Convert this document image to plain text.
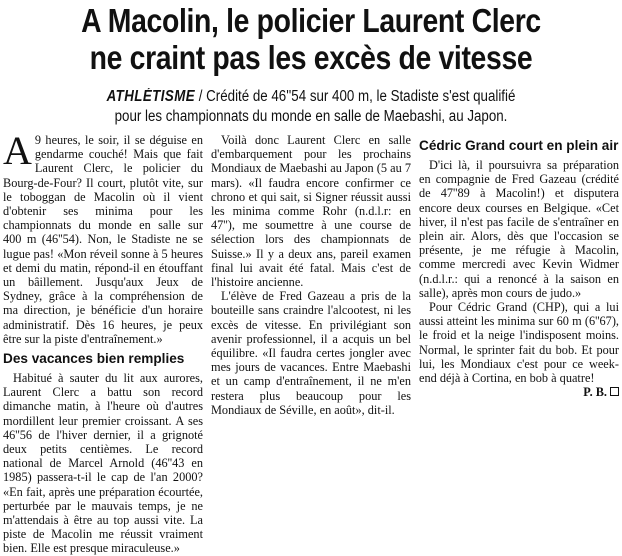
A Macolin, le policier Laurent Clerc
ne craint pas les excès de vitesse
ATHLÉTISME / Crédité de 46''54 sur 400 m, le Stadiste s'est qualifié
pour les championnats du monde en salle de Maebashi, au Japon.

A 9 heures, le soir, il se déguise en gendarme couché! Mais que fait Laurent Clerc, le policier du Bourg-de-Four? Il court, plutôt vite, sur le toboggan de Macolin où il vient d'obtenir ses minima pour les championnats du monde en salle sur 400 m (46''54). Non, le Stadiste ne se lugue pas! «Mon réveil sonne à 5 heures et demi du matin, répond-il en étouffant un bâillement. Jusqu'aux Jeux de Sydney, grâce à la compréhension de ma direction, je bénéficie d'un horaire administratif. Dès 16 heures, je peux être sur la piste d'entraînement.»

Des vacances bien remplies

Habitué à sauter du lit aux aurores, Laurent Clerc a battu son record dimanche matin, à l'heure où d'autres mordillent leur premier croissant. A ses 46''56 de l'hiver dernier, il a grignoté deux petits centièmes. Le record national de Marcel Arnold (46''43 en 1985) passera-t-il le cap de l'an 2000? «En fait, après une préparation écourtée, perturbée par le mauvais temps, je ne m'attendais à être au top aussi vite. La piste de Macolin me réussit vraiment bien. Elle est presque miraculeuse.»

Voilà donc Laurent Clerc en salle d'embarquement pour les prochains Mondiaux de Maebashi au Japon (5 au 7 mars). «Il faudra encore confirmer ce chrono et qui sait, si Signer réussit aussi les minima comme Rohr (n.d.l.r: en 47''), me soumettre à une course de sélection lors des championnats de Suisse.» Il y a deux ans, pareil examen final lui avait été fatal. Mais c'est de l'histoire ancienne.

L'élève de Fred Gazeau a pris de la bouteille sans craindre l'alcootest, ni les excès de vitesse. En privilégiant son avenir professionnel, il a acquis un bel équilibre. «Il faudra certes jongler avec mes jours de vacances. Entre Maebashi et un camp d'entraînement, il ne m'en restera plus beaucoup pour les Mondiaux de Séville, en août», dit-il.

Cédric Grand court en plein air

D'ici là, il poursuivra sa préparation en compagnie de Fred Gazeau (crédité de 47''89 à Macolin!) et disputera encore deux courses en Belgique. «Cet hiver, il n'est pas facile de s'entraîner en plein air. Alors, dès que l'occasion se présente, je me réfugie à Macolin, comme mercredi avec Kevin Widmer (n.d.l.r.: qui a renoncé à la saison en salle), après mon cours de judo.»

Pour Cédric Grand (CHP), qui a lui aussi atteint les minima sur 60 m (6''67), le froid et la neige l'indisposent moins. Normal, le sprinter fait du bob. Et pour lui, les Mondiaux c'est pour ce week-end déjà à Cortina, en bob à quatre!

P. B.
